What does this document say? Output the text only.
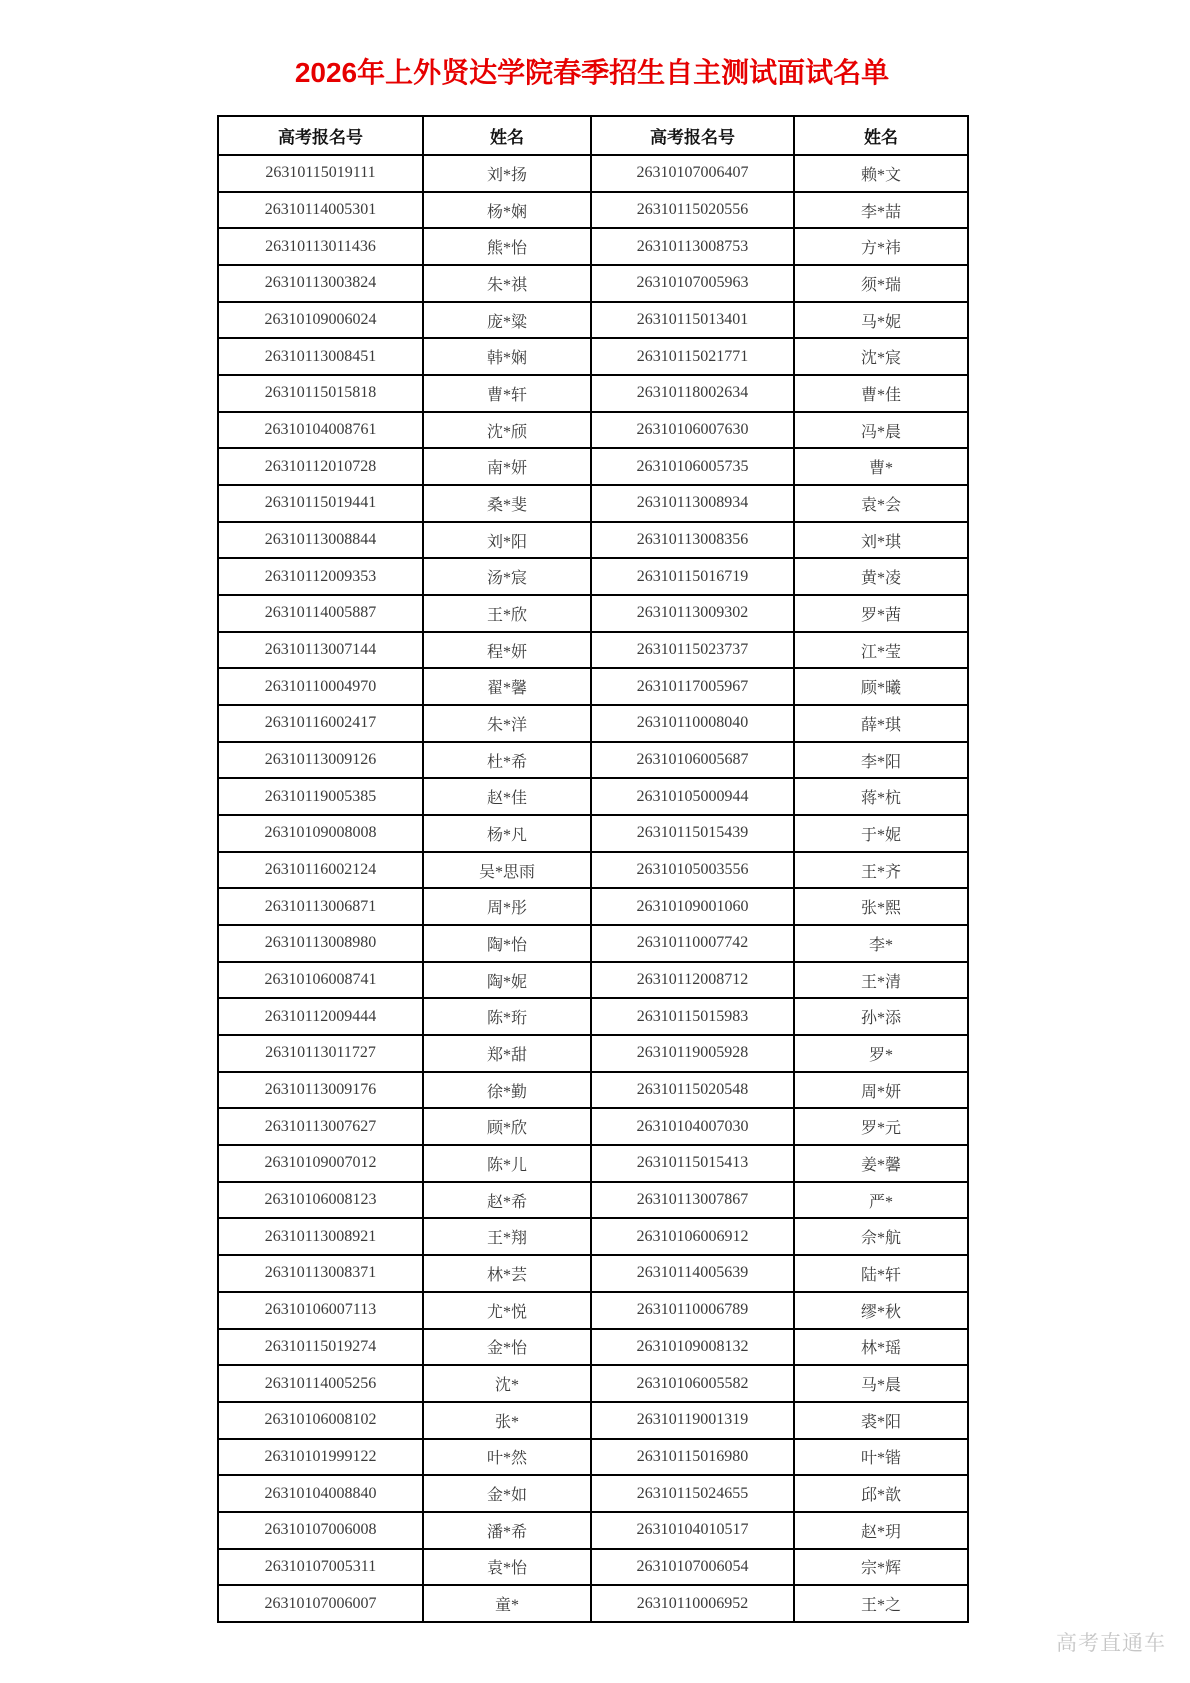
2026年上外贤达学院春季招生自主测试面试名单
高考报名号	姓名	高考报名号	姓名
26310115019111	刘*扬	26310107006407	赖*文
26310114005301	杨*娴	26310115020556	李*喆
26310113011436	熊*怡	26310113008753	方*祎
26310113003824	朱*祺	26310107005963	须*瑞
26310109006024	庞*粱	26310115013401	马*妮
26310113008451	韩*娴	26310115021771	沈*宸
26310115015818	曹*轩	26310118002634	曹*佳
26310104008761	沈*颀	26310106007630	冯*晨
26310112010728	南*妍	26310106005735	曹*
26310115019441	桑*斐	26310113008934	袁*会
26310113008844	刘*阳	26310113008356	刘*琪
26310112009353	汤*宸	26310115016719	黄*凌
26310114005887	王*欣	26310113009302	罗*茜
26310113007144	程*妍	26310115023737	江*莹
26310110004970	翟*馨	26310117005967	顾*曦
26310116002417	朱*洋	26310110008040	薛*琪
26310113009126	杜*希	26310106005687	李*阳
26310119005385	赵*佳	26310105000944	蒋*杭
26310109008008	杨*凡	26310115015439	于*妮
26310116002124	吴*思雨	26310105003556	王*齐
26310113006871	周*彤	26310109001060	张*熙
26310113008980	陶*怡	26310110007742	李*
26310106008741	陶*妮	26310112008712	王*清
26310112009444	陈*珩	26310115015983	孙*添
26310113011727	郑*甜	26310119005928	罗*
26310113009176	徐*勤	26310115020548	周*妍
26310113007627	顾*欣	26310104007030	罗*元
26310109007012	陈*儿	26310115015413	姜*馨
26310106008123	赵*希	26310113007867	严*
26310113008921	王*翔	26310106006912	佘*航
26310113008371	林*芸	26310114005639	陆*轩
26310106007113	尤*悦	26310110006789	缪*秋
26310115019274	金*怡	26310109008132	林*瑶
26310114005256	沈*	26310106005582	马*晨
26310106008102	张*	26310119001319	裘*阳
26310101999122	叶*然	26310115016980	叶*锴
26310104008840	金*如	26310115024655	邱*歆
26310107006008	潘*希	26310104010517	赵*玥
26310107005311	袁*怡	26310107006054	宗*辉
26310107006007	童*	26310110006952	王*之
高考直通车
